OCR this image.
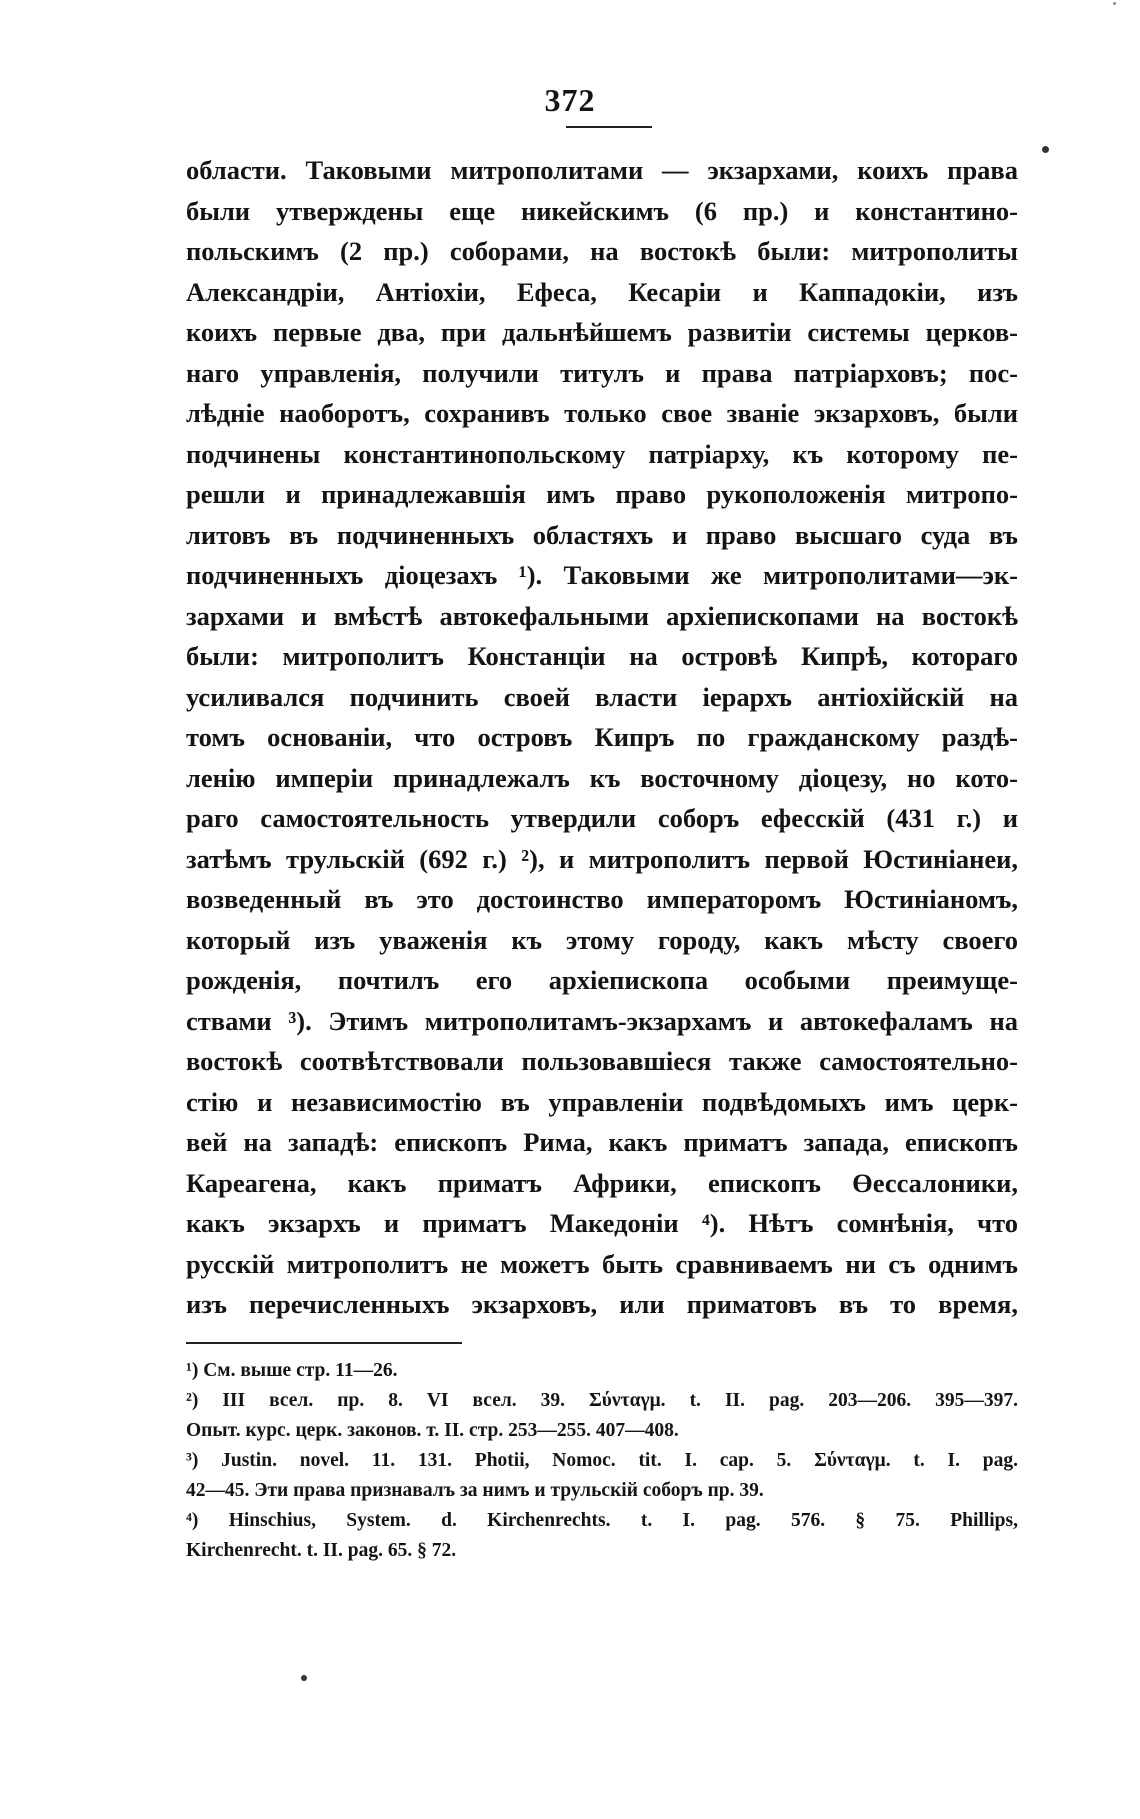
372
области. Таковыми митрополитами — экзархами, коихъ права
были утверждены еще никейскимъ (6 пр.) и константино-
польскимъ (2 пр.) соборами, на востокѣ были: митрополиты
Александріи, Антіохіи, Ефеса, Кесаріи и Каппадокіи, изъ
коихъ первые два, при дальнѣйшемъ развитіи системы церков-
наго управленія, получили титулъ и права патріарховъ; пос-
лѣдніе наоборотъ, сохранивъ только свое званіе экзарховъ, были
подчинены константинопольскому патріарху, къ которому пе-
решли и принадлежавшія имъ право рукоположенія митропо-
литовъ въ подчиненныхъ областяхъ и право высшаго суда въ
подчиненныхъ діоцезахъ ¹). Таковыми же митрополитами—эк-
зархами и вмѣстѣ автокефальными архіепископами на востокѣ
были: митрополитъ Констанціи на островѣ Кипрѣ, котораго
усиливался подчинить своей власти іерархъ антіохійскій на
томъ основаніи, что островъ Кипръ по гражданскому раздѣ-
ленію имперіи принадлежалъ къ восточному діоцезу, но кото-
раго самостоятельность утвердили соборъ ефесскій (431 г.) и
затѣмъ трульскій (692 г.) ²), и митрополитъ первой Юстиніанеи,
возведенный въ это достоинство императоромъ Юстиніаномъ,
который изъ уваженія къ этому городу, какъ мѣсту своего
рожденія, почтилъ его архіепископа особыми преимуще-
ствами ³). Этимъ митрополитамъ-экзархамъ и автокефаламъ на
востокѣ соотвѣтствовали пользовавшіеся также самостоятельно-
стію и независимостію въ управленіи подвѣдомыхъ имъ церк-
вей на западѣ: епископъ Рима, какъ приматъ запада, епископъ
Кареагена, какъ приматъ Африки, епископъ Өессалоники,
какъ экзархъ и приматъ Македоніи ⁴). Нѣтъ сомнѣнія, что
русскій митрополитъ не можетъ быть сравниваемъ ни съ однимъ
изъ перечисленныхъ экзарховъ, или приматовъ въ то время,
¹) См. выше стр. 11—26.
²) III всел. пр. 8. VI всел. 39. Σύνταγμ. t. II. pag. 203—206. 395—397.
Опыт. курс. церк. законов. т. II. стр. 253—255. 407—408.
³) Justin. novel. 11. 131. Photii, Nomoc. tit. I. cap. 5. Σύνταγμ. t. I. pag.
42—45. Эти права признавалъ за нимъ и трульскій соборъ пр. 39.
⁴) Hinschius, System. d. Kirchenrechts. t. I. pag. 576. § 75. Phillips,
Kirchenrecht. t. II. pag. 65. § 72.
